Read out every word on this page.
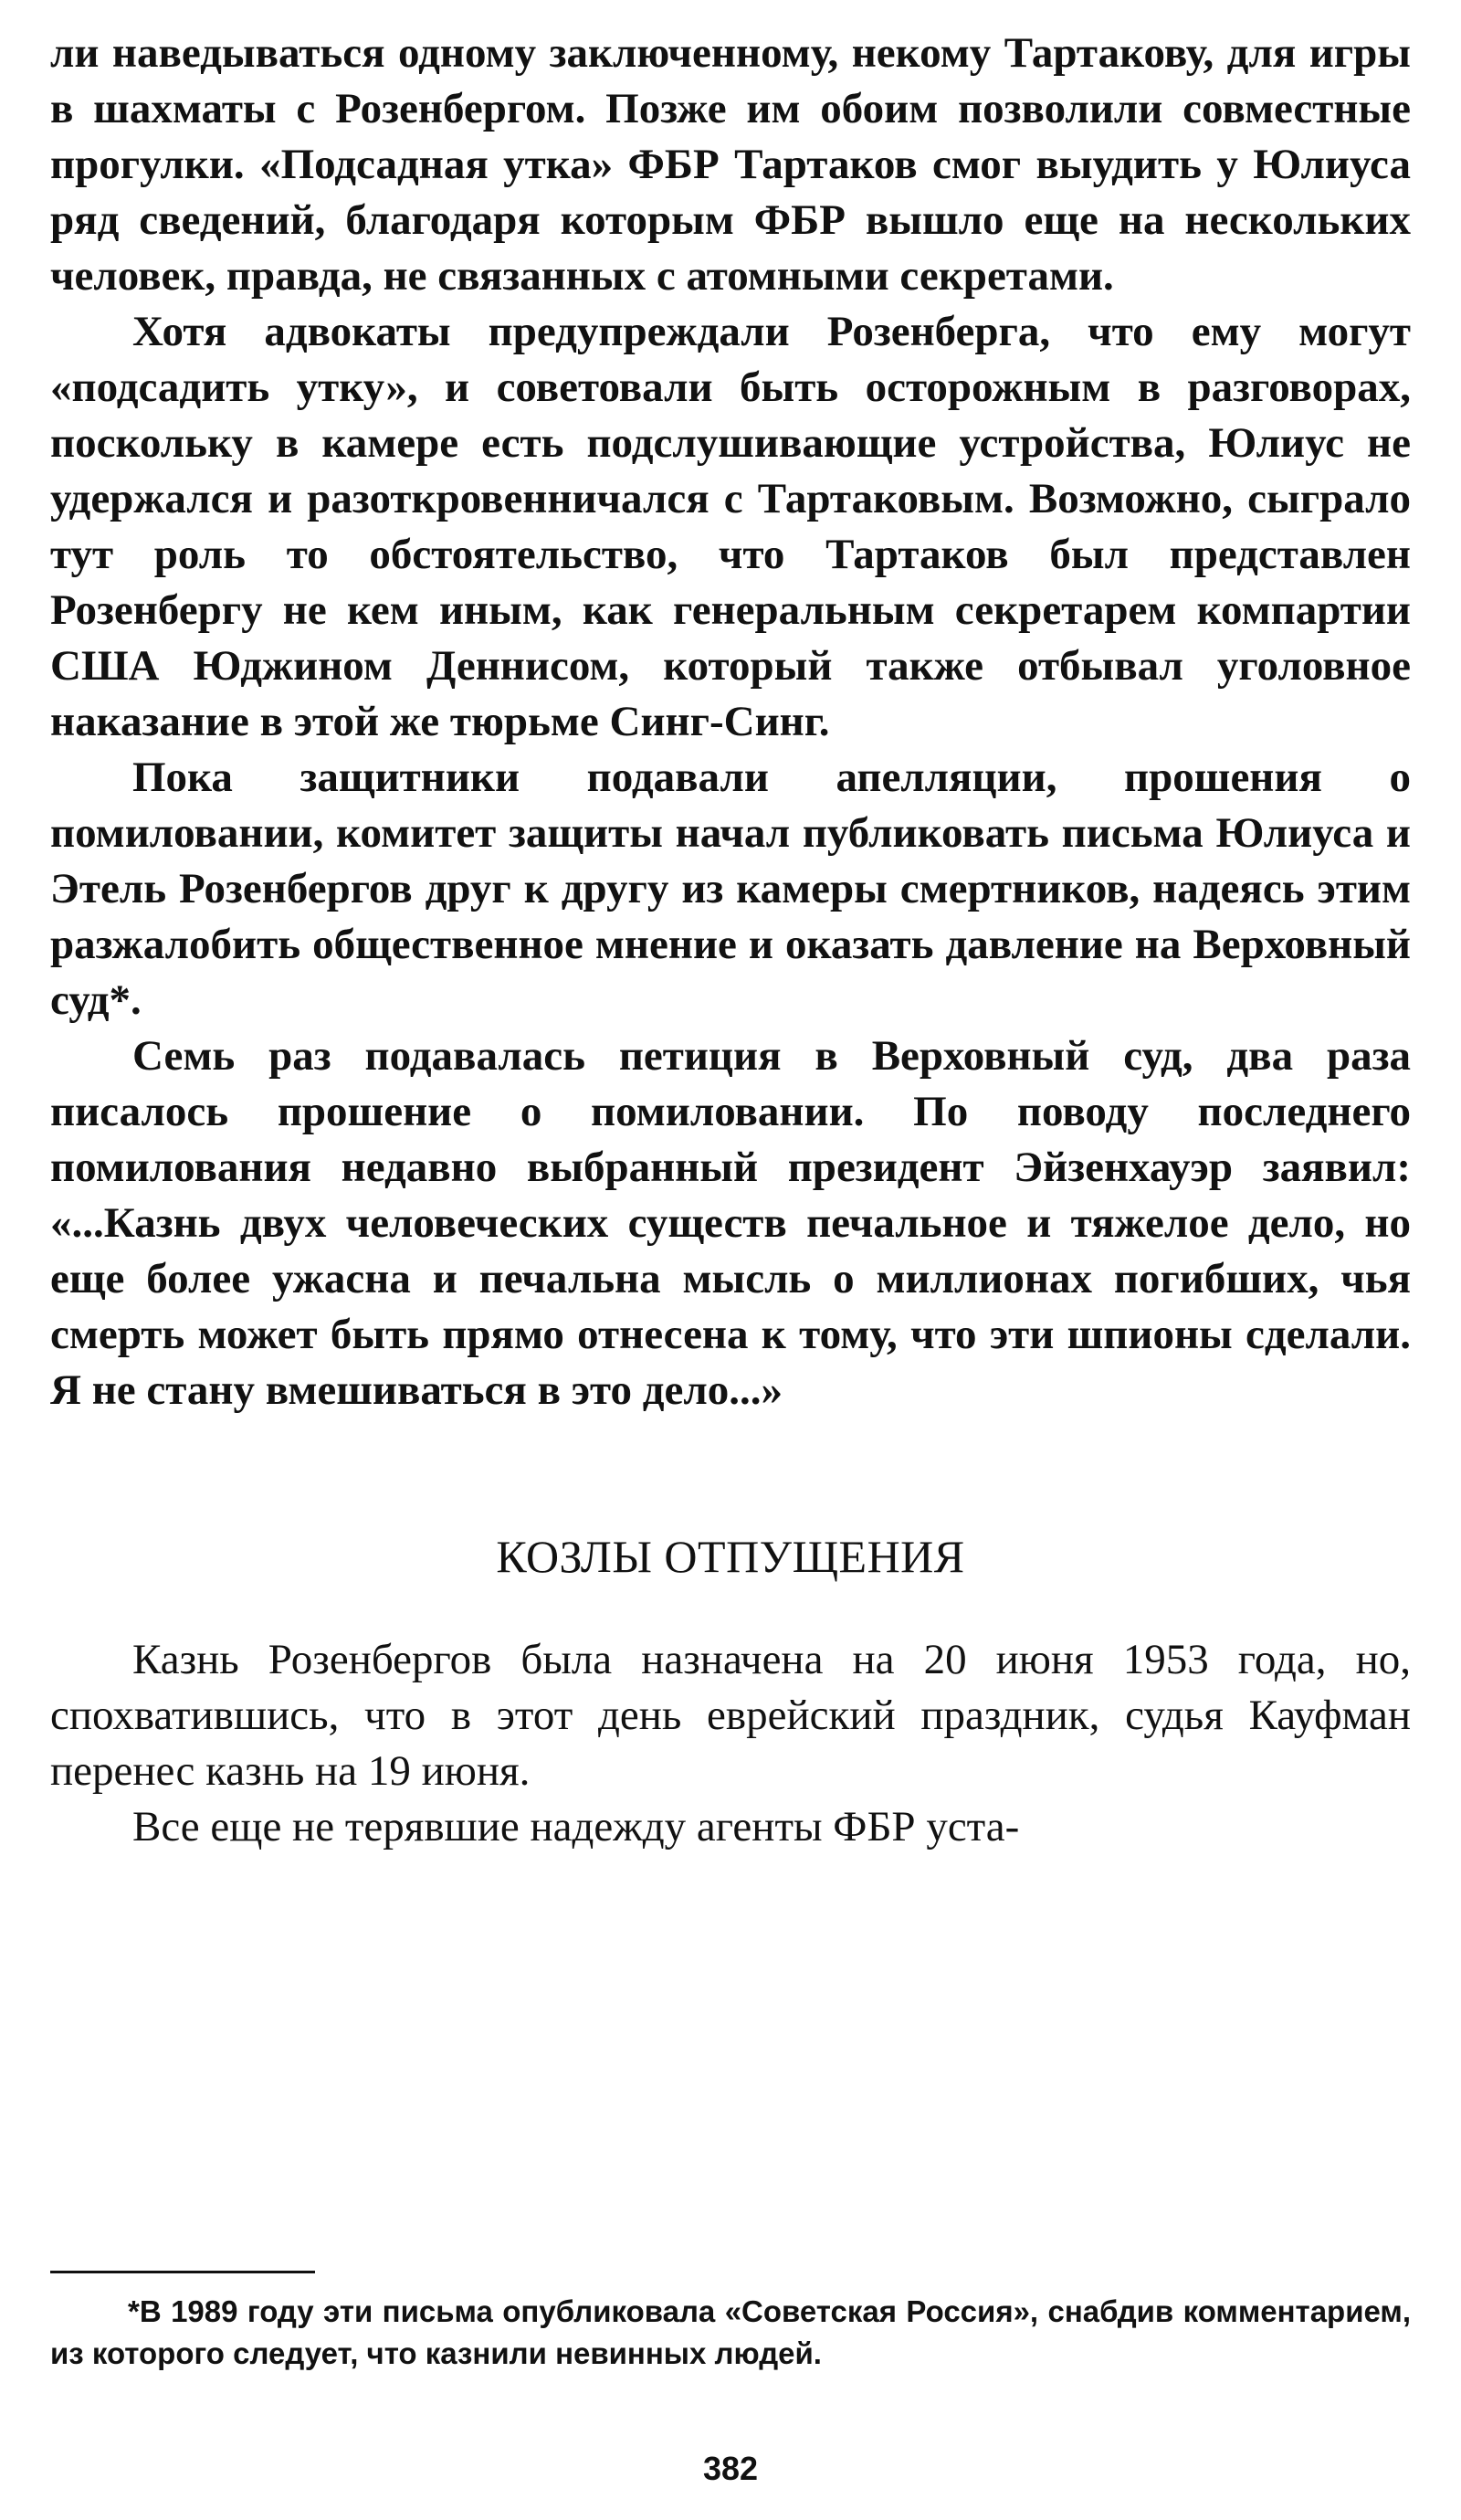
ли наведываться одному заключенному, некому Тартакову, для игры в шахматы с Розенбергом. Позже им обоим позволили совместные прогулки. «Подсадная утка» ФБР Тартаков смог выудить у Юлиуса ряд сведений, благодаря которым ФБР вышло еще на нескольких человек, правда, не связанных с атомными секретами.

Хотя адвокаты предупреждали Розенберга, что ему могут «подсадить утку», и советовали быть осторожным в разговорах, поскольку в камере есть подслушивающие устройства, Юлиус не удержался и разоткровенничался с Тартаковым. Возможно, сыграло тут роль то обстоятельство, что Тартаков был представлен Розенбергу не кем иным, как генеральным секретарем компартии США Юджином Деннисом, который также отбывал уголовное наказание в этой же тюрьме Синг-Синг.

Пока защитники подавали апелляции, прошения о помиловании, комитет защиты начал публиковать письма Юлиуса и Этель Розенбергов друг к другу из камеры смертников, надеясь этим разжалобить общественное мнение и оказать давление на Верховный суд*.

Семь раз подавалась петиция в Верховный суд, два раза писалось прошение о помиловании. По поводу последнего помилования недавно выбранный президент Эйзенхауэр заявил: «...Казнь двух человеческих существ печальное и тяжелое дело, но еще более ужасна и печальна мысль о миллионах погибших, чья смерть может быть прямо отнесена к тому, что эти шпионы сделали. Я не стану вмешиваться в это дело...»

КОЗЛЫ ОТПУЩЕНИЯ

Казнь Розенбергов была назначена на 20 июня 1953 года, но, спохватившись, что в этот день еврейский праздник, судья Кауфман перенес казнь на 19 июня.

Все еще не терявшие надежду агенты ФБР уста-

*В 1989 году эти письма опубликовала «Советская Россия», снабдив комментарием, из которого следует, что казнили невинных людей.

382
